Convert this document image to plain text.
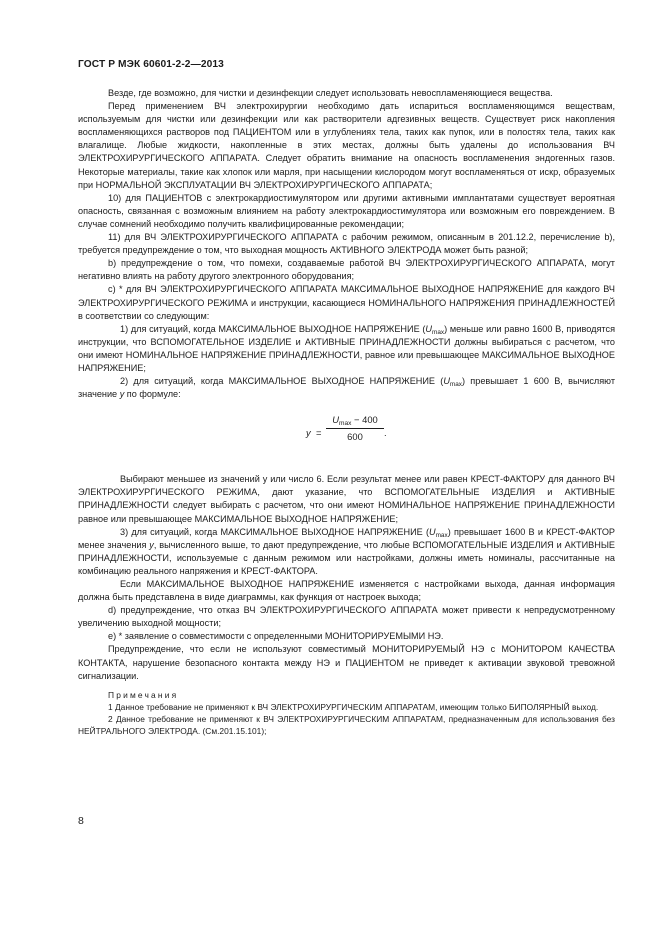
ГОСТ Р МЭК 60601-2-2—2013

Везде, где возможно, для чистки и дезинфекции следует использовать невоспламеняющиеся вещества.

Перед применением ВЧ электрохирургии необходимо дать испариться воспламеняющимся веществам, используемым для чистки или дезинфекции или как растворители адгезивных веществ. Существует риск накопления воспламеняющихся растворов под ПАЦИЕНТОМ или в углублениях тела, таких как пупок, или в полостях тела, таких как влагалище. Любые жидкости, накопленные в этих местах, должны быть удалены до использования ВЧ ЭЛЕКТРОХИРУРГИЧЕСКОГО АППАРАТА. Следует обратить внимание на опасность воспламенения эндогенных газов. Некоторые материалы, такие как хлопок или марля, при насыщении кислородом могут воспламеняться от искр, образуемых при НОРМАЛЬНОЙ ЭКСПЛУАТАЦИИ ВЧ ЭЛЕКТРОХИРУРГИЧЕСКОГО АППАРАТА;

10) для ПАЦИЕНТОВ с электрокардиостимулятором или другими активными имплантатами существует вероятная опасность, связанная с возможным влиянием на работу электрокардиостимулятора или возможным его повреждением. В случае сомнений необходимо получить квалифицированные рекомендации;

11) для ВЧ ЭЛЕКТРОХИРУРГИЧЕСКОГО АППАРАТА с рабочим режимом, описанным в 201.12.2, перечисление b), требуется предупреждение о том, что выходная мощность АКТИВНОГО ЭЛЕКТРОДА может быть разной;

b) предупреждение о том, что помехи, создаваемые работой ВЧ ЭЛЕКТРОХИРУРГИЧЕСКОГО АППАРАТА, могут негативно влиять на работу другого электронного оборудования;

c) * для ВЧ ЭЛЕКТРОХИРУРГИЧЕСКОГО АППАРАТА МАКСИМАЛЬНОЕ ВЫХОДНОЕ НАПРЯЖЕНИЕ для каждого ВЧ ЭЛЕКТРОХИРУРГИЧЕСКОГО РЕЖИМА и инструкции, касающиеся НОМИНАЛЬНОГО НАПРЯЖЕНИЯ ПРИНАДЛЕЖНОСТЕЙ в соответствии со следующим:

1) для ситуаций, когда МАКСИМАЛЬНОЕ ВЫХОДНОЕ НАПРЯЖЕНИЕ $(U_{max})$ меньше или равно 1600 В, приводятся инструкции, что ВСПОМОГАТЕЛЬНОЕ ИЗДЕЛИЕ и АКТИВНЫЕ ПРИНАДЛЕЖНОСТИ должны выбираться с расчетом, что они имеют НОМИНАЛЬНОЕ НАПРЯЖЕНИЕ ПРИНАДЛЕЖНОСТИ, равное или превышающее МАКСИМАЛЬНОЕ ВЫХОДНОЕ НАПРЯЖЕНИЕ;

2) для ситуаций, когда МАКСИМАЛЬНОЕ ВЫХОДНОЕ НАПРЯЖЕНИЕ $(U_{max})$ превышает 1 600 В, вычисляют значение y по формуле:

y =
$U_{max} - 400$
600	.

Выбирают меньшее из значений y или число 6. Если результат менее или равен КРЕСТ-ФАКТОРУ для данного ВЧ ЭЛЕКТРОХИРУРГИЧЕСКОГО РЕЖИМА, дают указание, что ВСПОМОГАТЕЛЬНЫЕ ИЗДЕЛИЯ и АКТИВНЫЕ ПРИНАДЛЕЖНОСТИ следует выбирать с расчетом, что они имеют НОМИНАЛЬНОЕ НАПРЯЖЕНИЕ ПРИНАДЛЕЖНОСТИ равное или превышающее МАКСИМАЛЬНОЕ ВЫХОДНОЕ НАПРЯЖЕНИЕ;

3) для ситуаций, когда МАКСИМАЛЬНОЕ ВЫХОДНОЕ НАПРЯЖЕНИЕ $(U_{max})$ превышает 1600 В и КРЕСТ-ФАКТОР менее значения y, вычисленного выше, то дают предупреждение, что любые ВСПОМОГАТЕЛЬНЫЕ ИЗДЕЛИЯ и АКТИВНЫЕ ПРИНАДЛЕЖНОСТИ, используемые с данным режимом или настройками, должны иметь номиналы, рассчитанные на комбинацию реального напряжения и КРЕСТ-ФАКТОРА.

Если МАКСИМАЛЬНОЕ ВЫХОДНОЕ НАПРЯЖЕНИЕ изменяется с настройками выхода, данная информация должна быть представлена в виде диаграммы, как функция от настроек выхода;

d) предупреждение, что отказ ВЧ ЭЛЕКТРОХИРУРГИЧЕСКОГО АППАРАТА может привести к непредусмотренному увеличению выходной мощности;

e) * заявление о совместимости с определенными МОНИТОРИРУЕМЫМИ НЭ.

Предупреждение, что если не используют совместимый МОНИТОРИРУЕМЫЙ НЭ с МОНИТОРОМ КАЧЕСТВА КОНТАКТА, нарушение безопасного контакта между НЭ и ПАЦИЕНТОМ не приведет к активации звуковой тревожной сигнализации.

Примечания

1 Данное требование не применяют к ВЧ ЭЛЕКТРОХИРУРГИЧЕСКИМ АППАРАТАМ, имеющим только БИПОЛЯРНЫЙ выход.

2 Данное требование не применяют к ВЧ ЭЛЕКТРОХИРУРГИЧЕСКИМ АППАРАТАМ, предназначенным для использования без НЕЙТРАЛЬНОГО ЭЛЕКТРОДА. (См.201.15.101);

8
